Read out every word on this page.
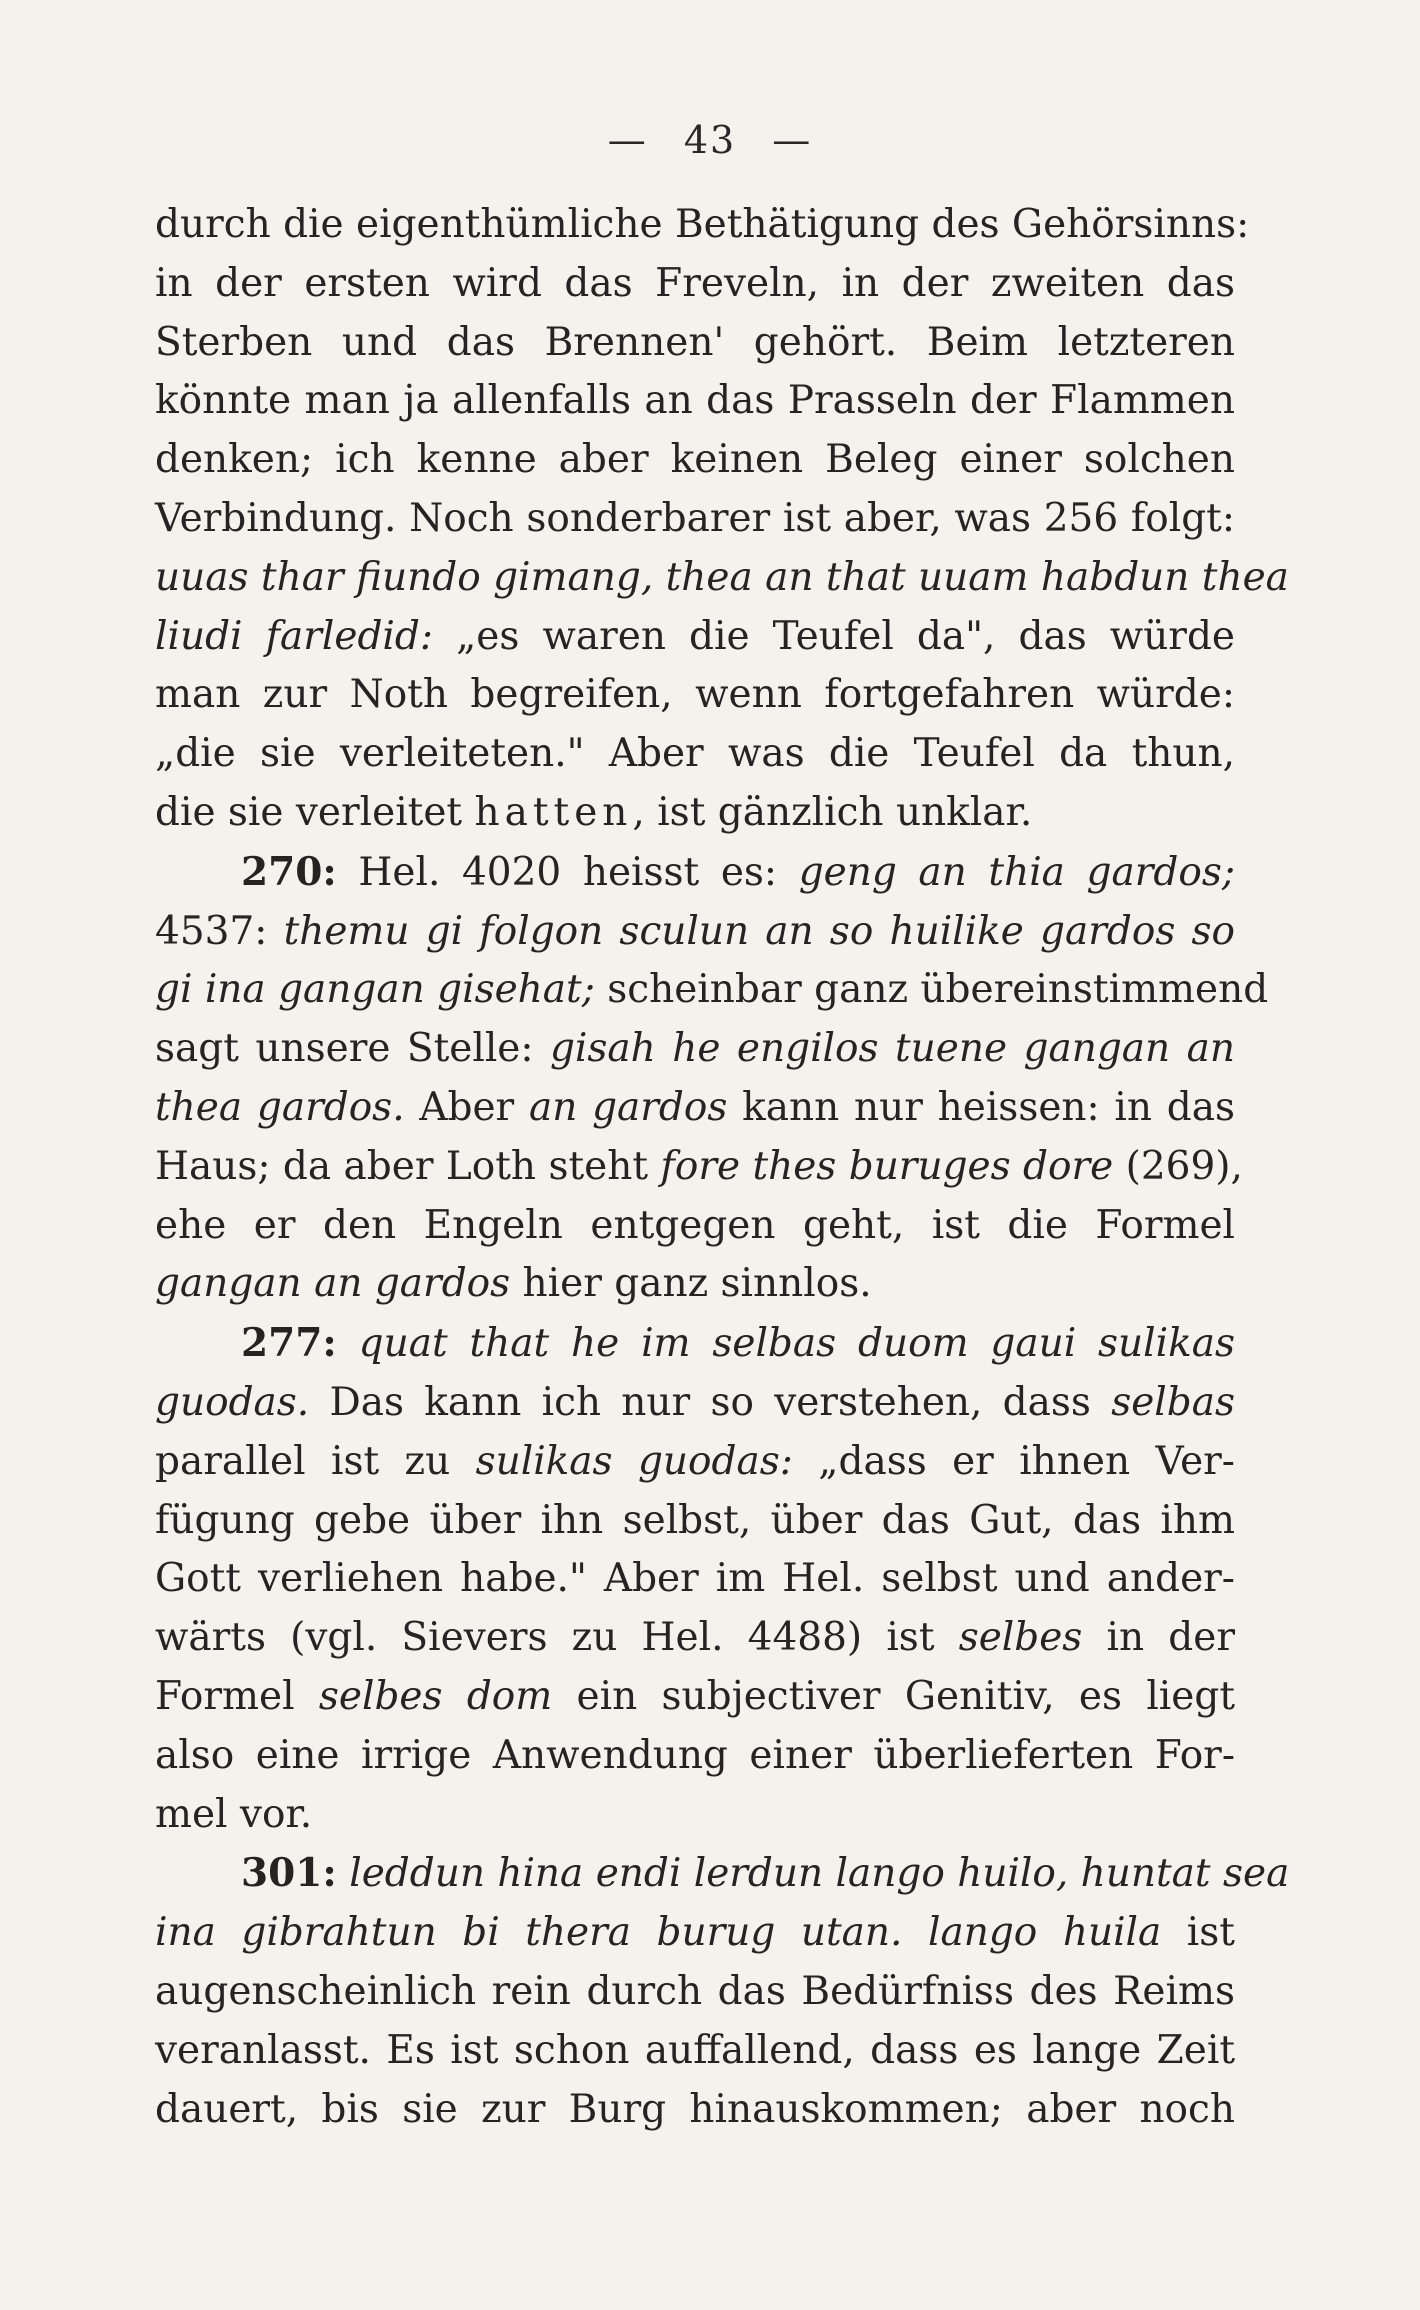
— 43 —

durch die eigenthümliche Bethätigung des Gehörsinns:
in der ersten wird das Freveln, in der zweiten das
Sterben und das Brennen' gehört. Beim letzteren
könnte man ja allenfalls an das Prasseln der Flammen
denken; ich kenne aber keinen Beleg einer solchen
Verbindung. Noch sonderbarer ist aber, was 256 folgt:
uuas thar fiundo gimang, thea an that uuam habdun thea
liudi farledid: „es waren die Teufel da", das würde
man zur Noth begreifen, wenn fortgefahren würde:
„die sie verleiteten." Aber was die Teufel da thun,
die sie verleitet hatten, ist gänzlich unklar.

270: Hel. 4020 heisst es: geng an thia gardos;
4537: themu gi folgon sculun an so huilike gardos so
gi ina gangan gisehat; scheinbar ganz übereinstimmend
sagt unsere Stelle: gisah he engilos tuene gangan an
thea gardos. Aber an gardos kann nur heissen: in das
Haus; da aber Loth steht fore thes buruges dore (269),
ehe er den Engeln entgegen geht, ist die Formel
gangan an gardos hier ganz sinnlos.

277: quat that he im selbas duom gaui sulikas
guodas. Das kann ich nur so verstehen, dass selbas
parallel ist zu sulikas guodas: „dass er ihnen Ver-
fügung gebe über ihn selbst, über das Gut, das ihm
Gott verliehen habe." Aber im Hel. selbst und ander-
wärts (vgl. Sievers zu Hel. 4488) ist selbes in der
Formel selbes dom ein subjectiver Genitiv, es liegt
also eine irrige Anwendung einer überlieferten For-
mel vor.

301: leddun hina endi lerdun lango huilo, huntat sea
ina gibrahtun bi thera burug utan. lango huila ist
augenscheinlich rein durch das Bedürfniss des Reims
veranlasst. Es ist schon auffallend, dass es lange Zeit
dauert, bis sie zur Burg hinauskommen; aber noch
